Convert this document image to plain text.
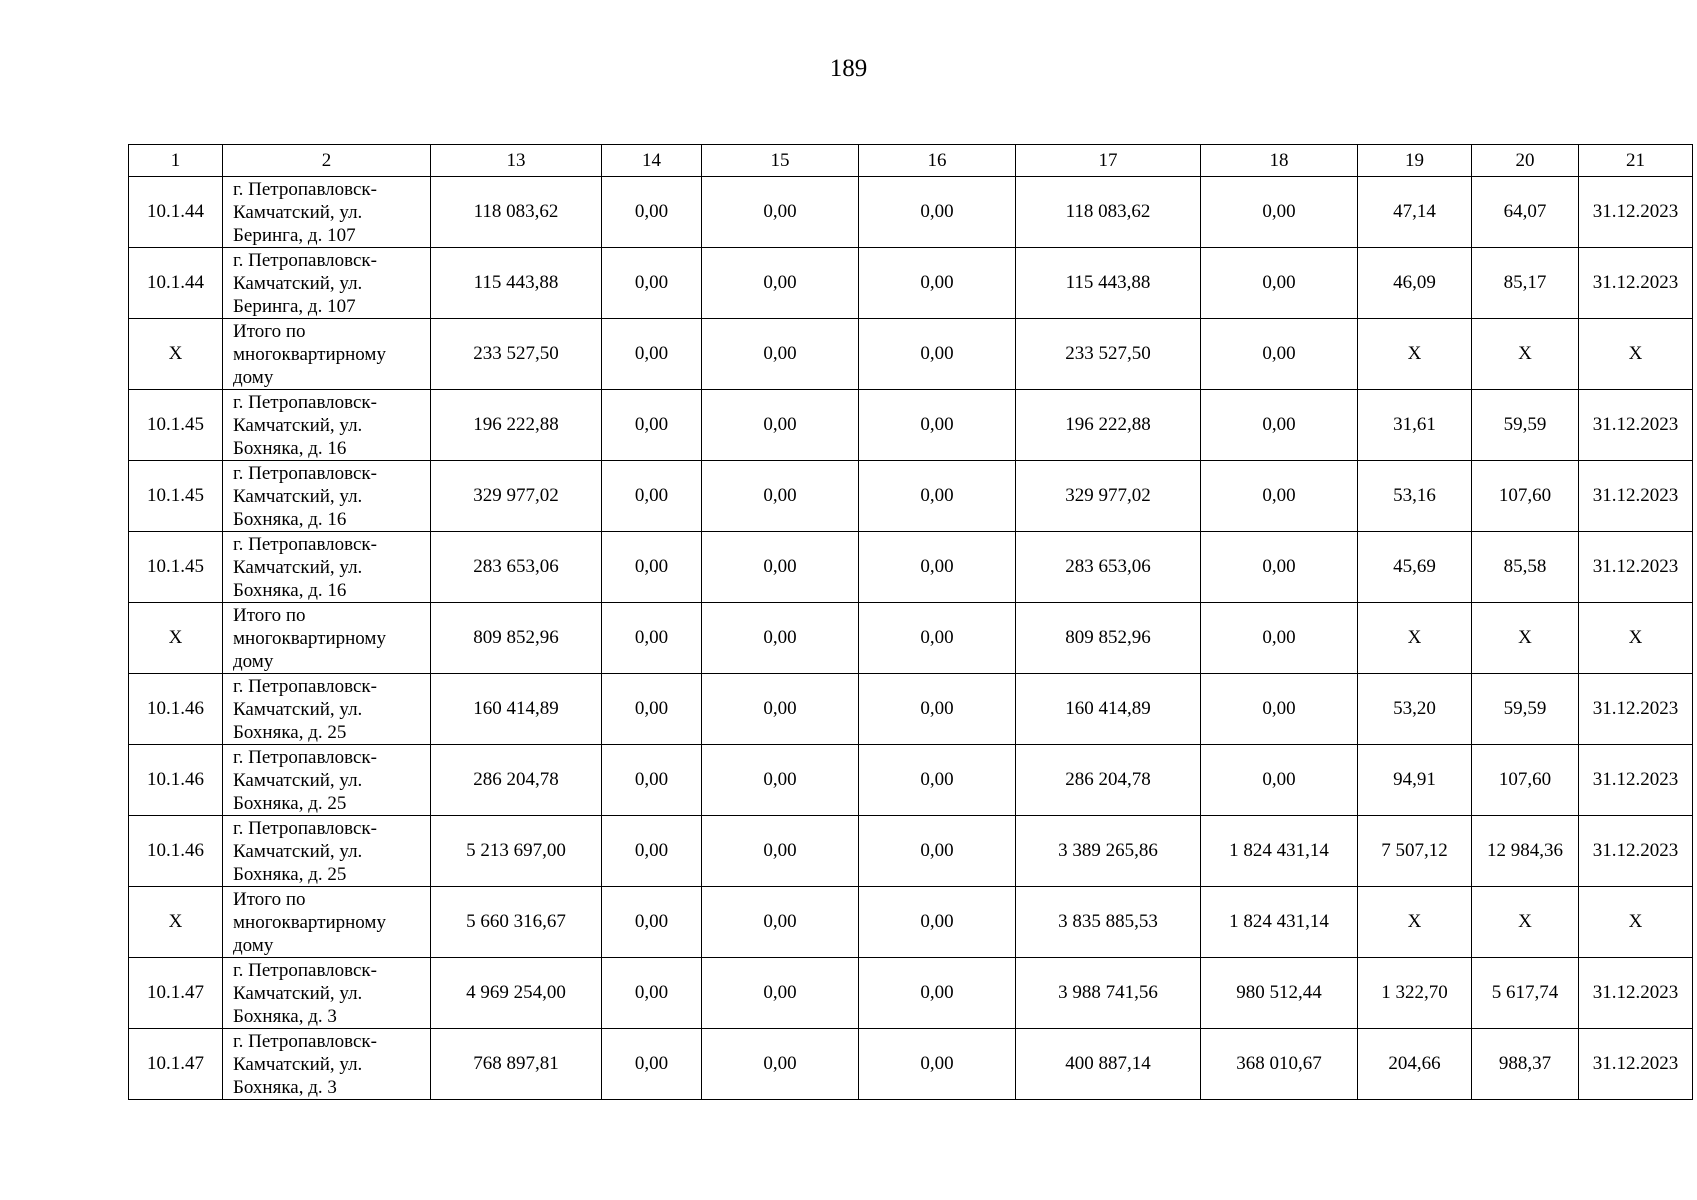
189
1	2	13	14	15	16	17	18	19	20	21
10.1.44	г. Петропавловск-Камчатский, ул. Беринга, д. 107	118 083,62	0,00	0,00	0,00	118 083,62	0,00	47,14	64,07	31.12.2023
10.1.44	г. Петропавловск-Камчатский, ул. Беринга, д. 107	115 443,88	0,00	0,00	0,00	115 443,88	0,00	46,09	85,17	31.12.2023
X	Итого по многоквартирному дому	233 527,50	0,00	0,00	0,00	233 527,50	0,00	X	X	X
10.1.45	г. Петропавловск-Камчатский, ул. Бохняка, д. 16	196 222,88	0,00	0,00	0,00	196 222,88	0,00	31,61	59,59	31.12.2023
10.1.45	г. Петропавловск-Камчатский, ул. Бохняка, д. 16	329 977,02	0,00	0,00	0,00	329 977,02	0,00	53,16	107,60	31.12.2023
10.1.45	г. Петропавловск-Камчатский, ул. Бохняка, д. 16	283 653,06	0,00	0,00	0,00	283 653,06	0,00	45,69	85,58	31.12.2023
X	Итого по многоквартирному дому	809 852,96	0,00	0,00	0,00	809 852,96	0,00	X	X	X
10.1.46	г. Петропавловск-Камчатский, ул. Бохняка, д. 25	160 414,89	0,00	0,00	0,00	160 414,89	0,00	53,20	59,59	31.12.2023
10.1.46	г. Петропавловск-Камчатский, ул. Бохняка, д. 25	286 204,78	0,00	0,00	0,00	286 204,78	0,00	94,91	107,60	31.12.2023
10.1.46	г. Петропавловск-Камчатский, ул. Бохняка, д. 25	5 213 697,00	0,00	0,00	0,00	3 389 265,86	1 824 431,14	7 507,12	12 984,36	31.12.2023
X	Итого по многоквартирному дому	5 660 316,67	0,00	0,00	0,00	3 835 885,53	1 824 431,14	X	X	X
10.1.47	г. Петропавловск-Камчатский, ул. Бохняка, д. 3	4 969 254,00	0,00	0,00	0,00	3 988 741,56	980 512,44	1 322,70	5 617,74	31.12.2023
10.1.47	г. Петропавловск-Камчатский, ул. Бохняка, д. 3	768 897,81	0,00	0,00	0,00	400 887,14	368 010,67	204,66	988,37	31.12.2023
